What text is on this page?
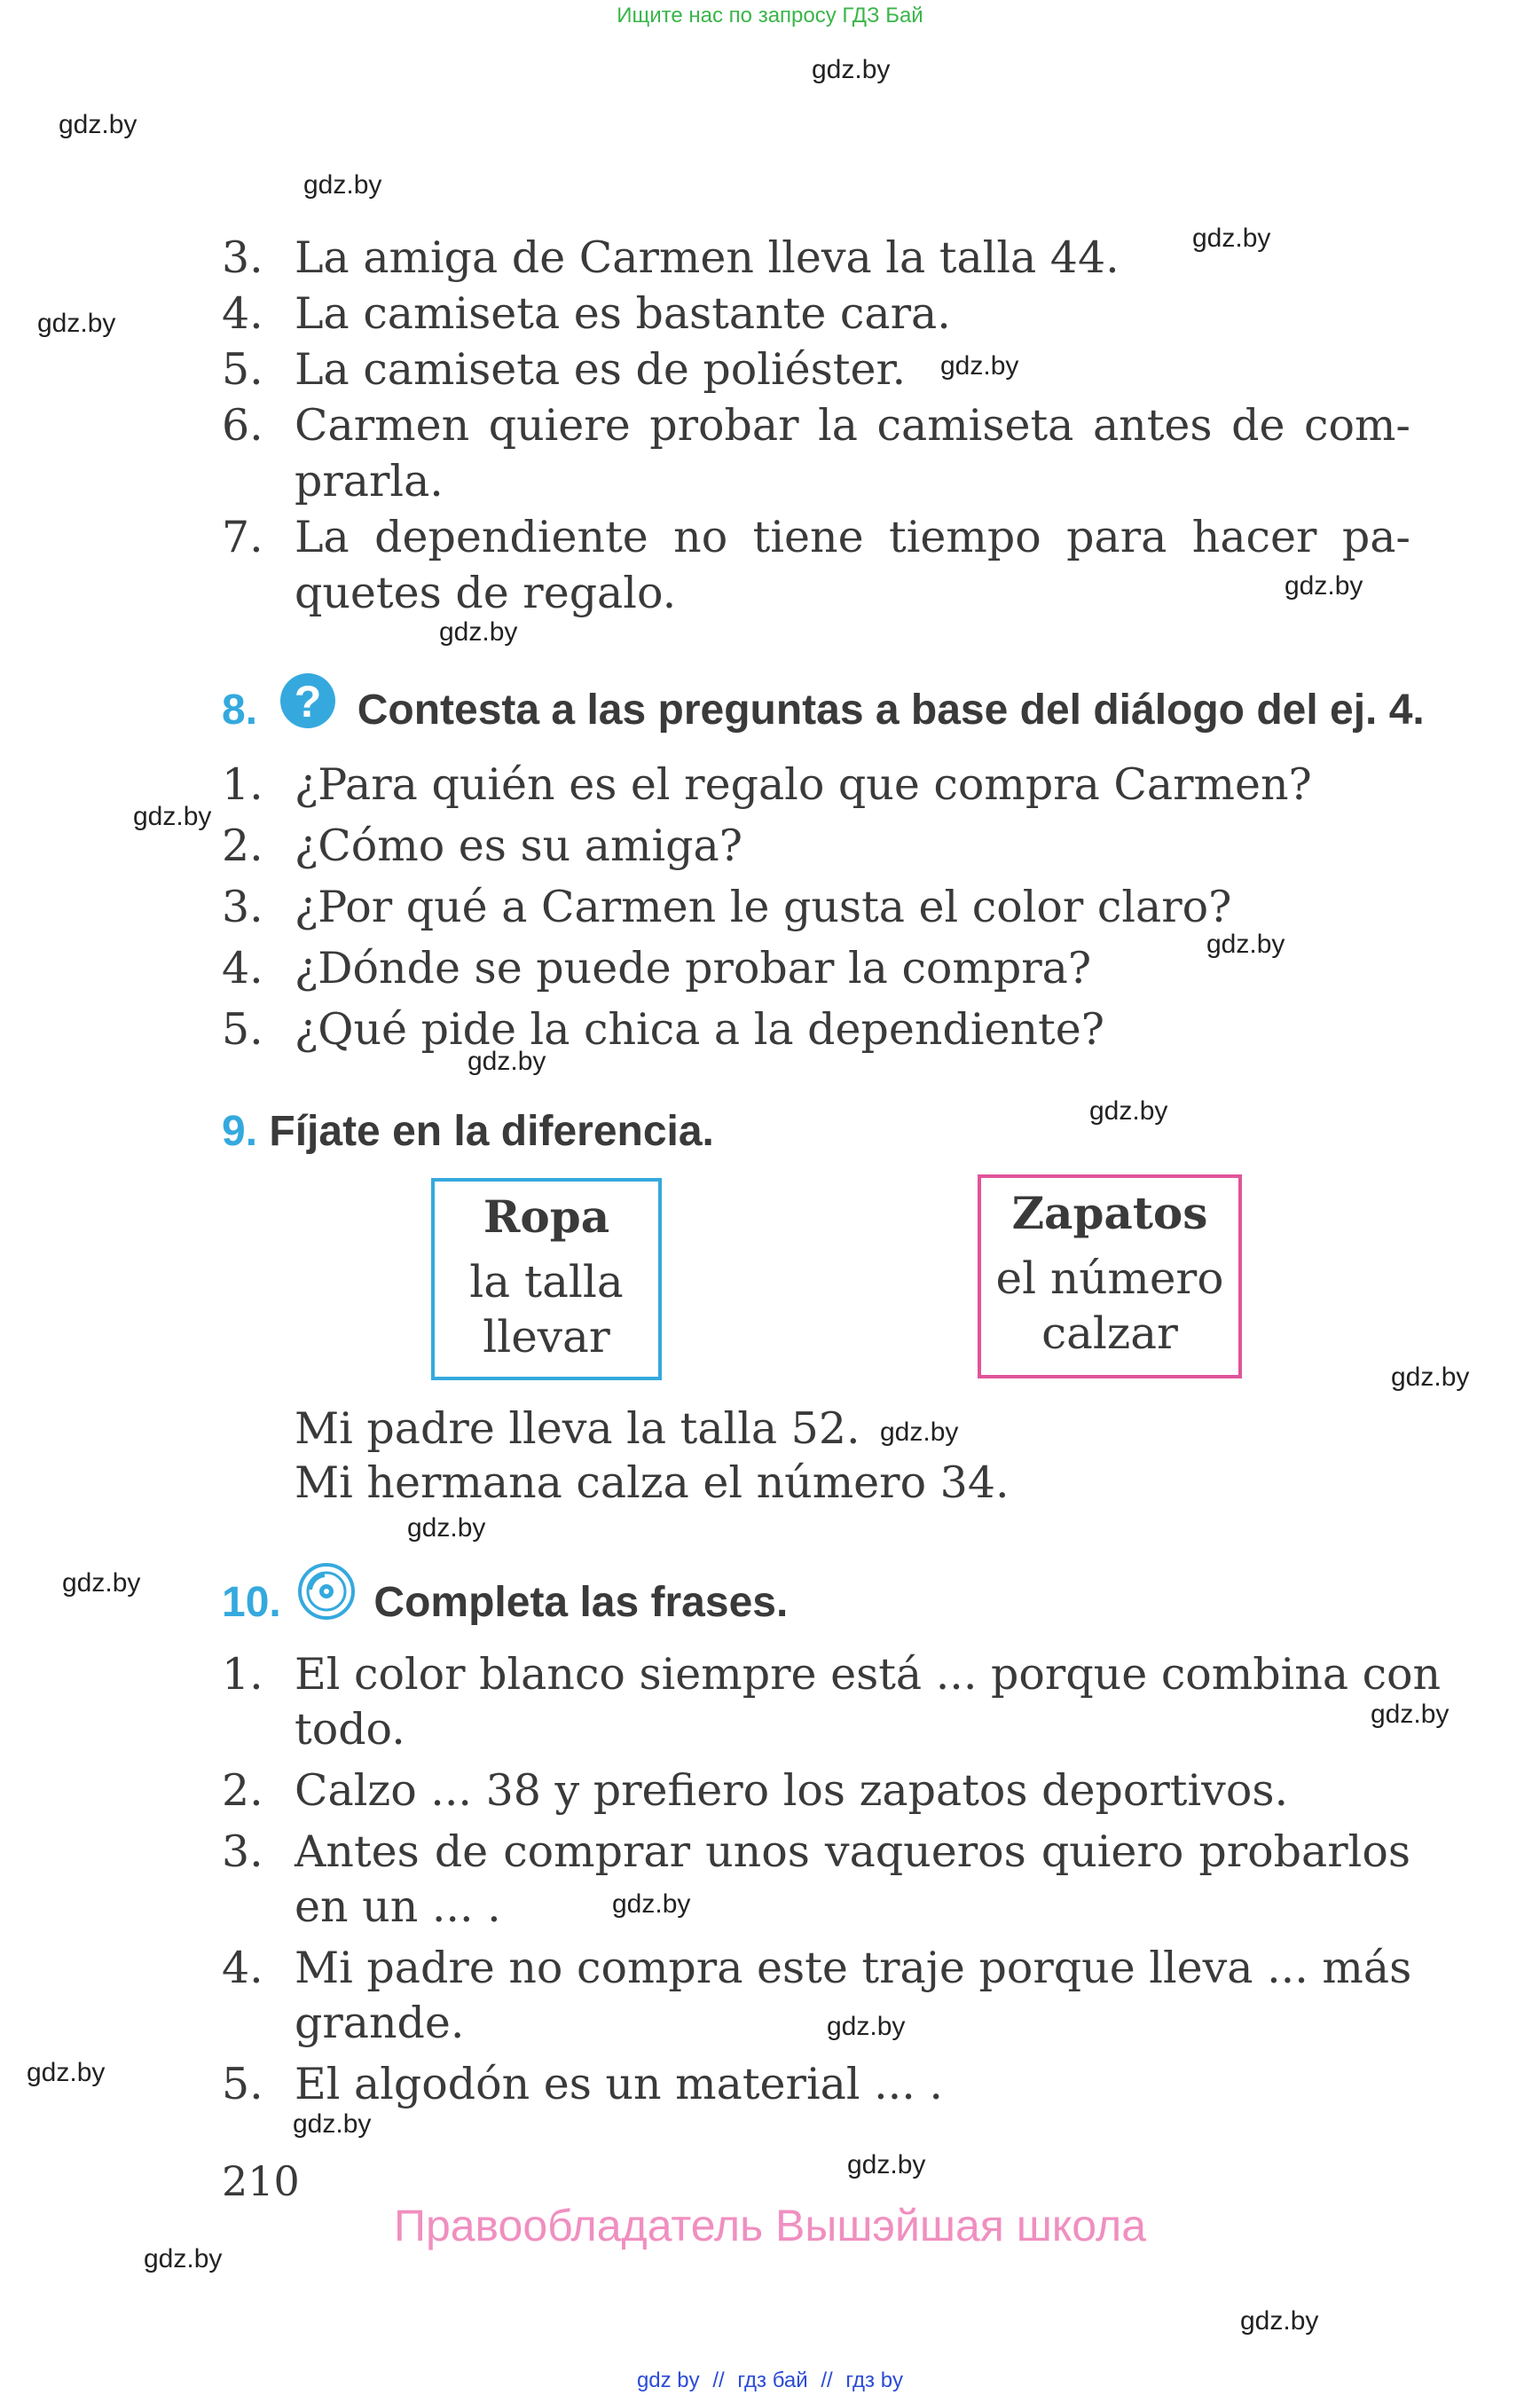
Ищите нас по запросу ГДЗ Бай
gdz.by
gdz.by
gdz.by
gdz.by
gdz.by
gdz.by
gdz.by
gdz.by
gdz.by
gdz.by
gdz.by
gdz.by
gdz.by
gdz.by
gdz.by
gdz.by
gdz.by
gdz.by
gdz.by
gdz.by
gdz.by
gdz.by
gdz.by
gdz.by
3. La amiga de Carmen lleva la talla 44.
4. La camiseta es bastante cara.
5. La camiseta es de poliéster.
6. Carmen quiere probar la camiseta antes de com-
prarla.
7. La dependiente no tiene tiempo para hacer pa-
quetes de regalo.
8. ? Contesta a las preguntas a base del diálogo del ej. 4.
1. ¿Para quién es el regalo que compra Carmen?
2. ¿Cómo es su amiga?
3. ¿Por qué a Carmen le gusta el color claro?
4. ¿Dónde se puede probar la compra?
5. ¿Qué pide la chica a la dependiente?
9. Fíjate en la diferencia.
Ropa
la talla
llevar
Zapatos
el número
calzar
Mi padre lleva la talla 52.
Mi hermana calza el número 34.
10. Completa las frases.
1. El color blanco siempre está ... porque combina con
todo.
2. Calzo ... 38 y prefiero los zapatos deportivos.
3. Antes de comprar unos vaqueros quiero probarlos
en un ... .
4. Mi padre no compra este traje porque lleva ... más
grande.
5. El algodón es un material ... .
210
Правообладатель Вышэйшая школа
gdz by // гдз бай // гдз by
